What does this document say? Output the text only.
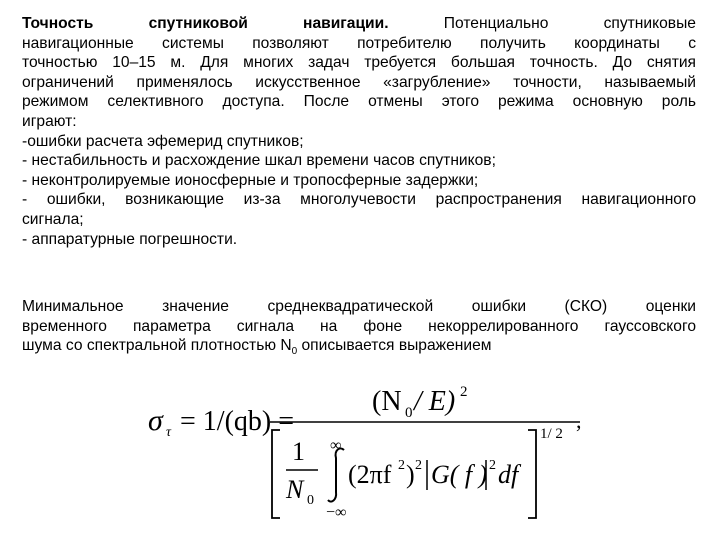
Точность	спутниковой	навигации.	Потенциально	спутниковые
навигационные системы позволяют потребителю получить координаты с
точностью 10–15 м. Для многих задач требуется большая точность. До снятия
ограничений применялось искусственное «загрубление» точности, называемый
режимом селективного доступа. После отмены этого режима основную роль
играют:
-ошибки расчета эфемерид спутников;
- нестабильность и расхождение шкал времени часов спутников;
- неконтролируемые ионосферные и тропосферные задержки;
- ошибки, возникающие из-за многолучевости распространения навигационного
сигнала;
- аппаратурные погрешности.
Минимальное значение среднеквадратической ошибки (СКО) оценки
временного параметра сигнала на фоне некоррелированного гауссовского
шума со спектральной плотностью $N_0$ описывается выражением
σ τ = 1/(qb) =
(N 0 / E) 2
1
N 0
∞
−∞
(2πf 2 ) 2 G( f ) 2 df
1/ 2
,
